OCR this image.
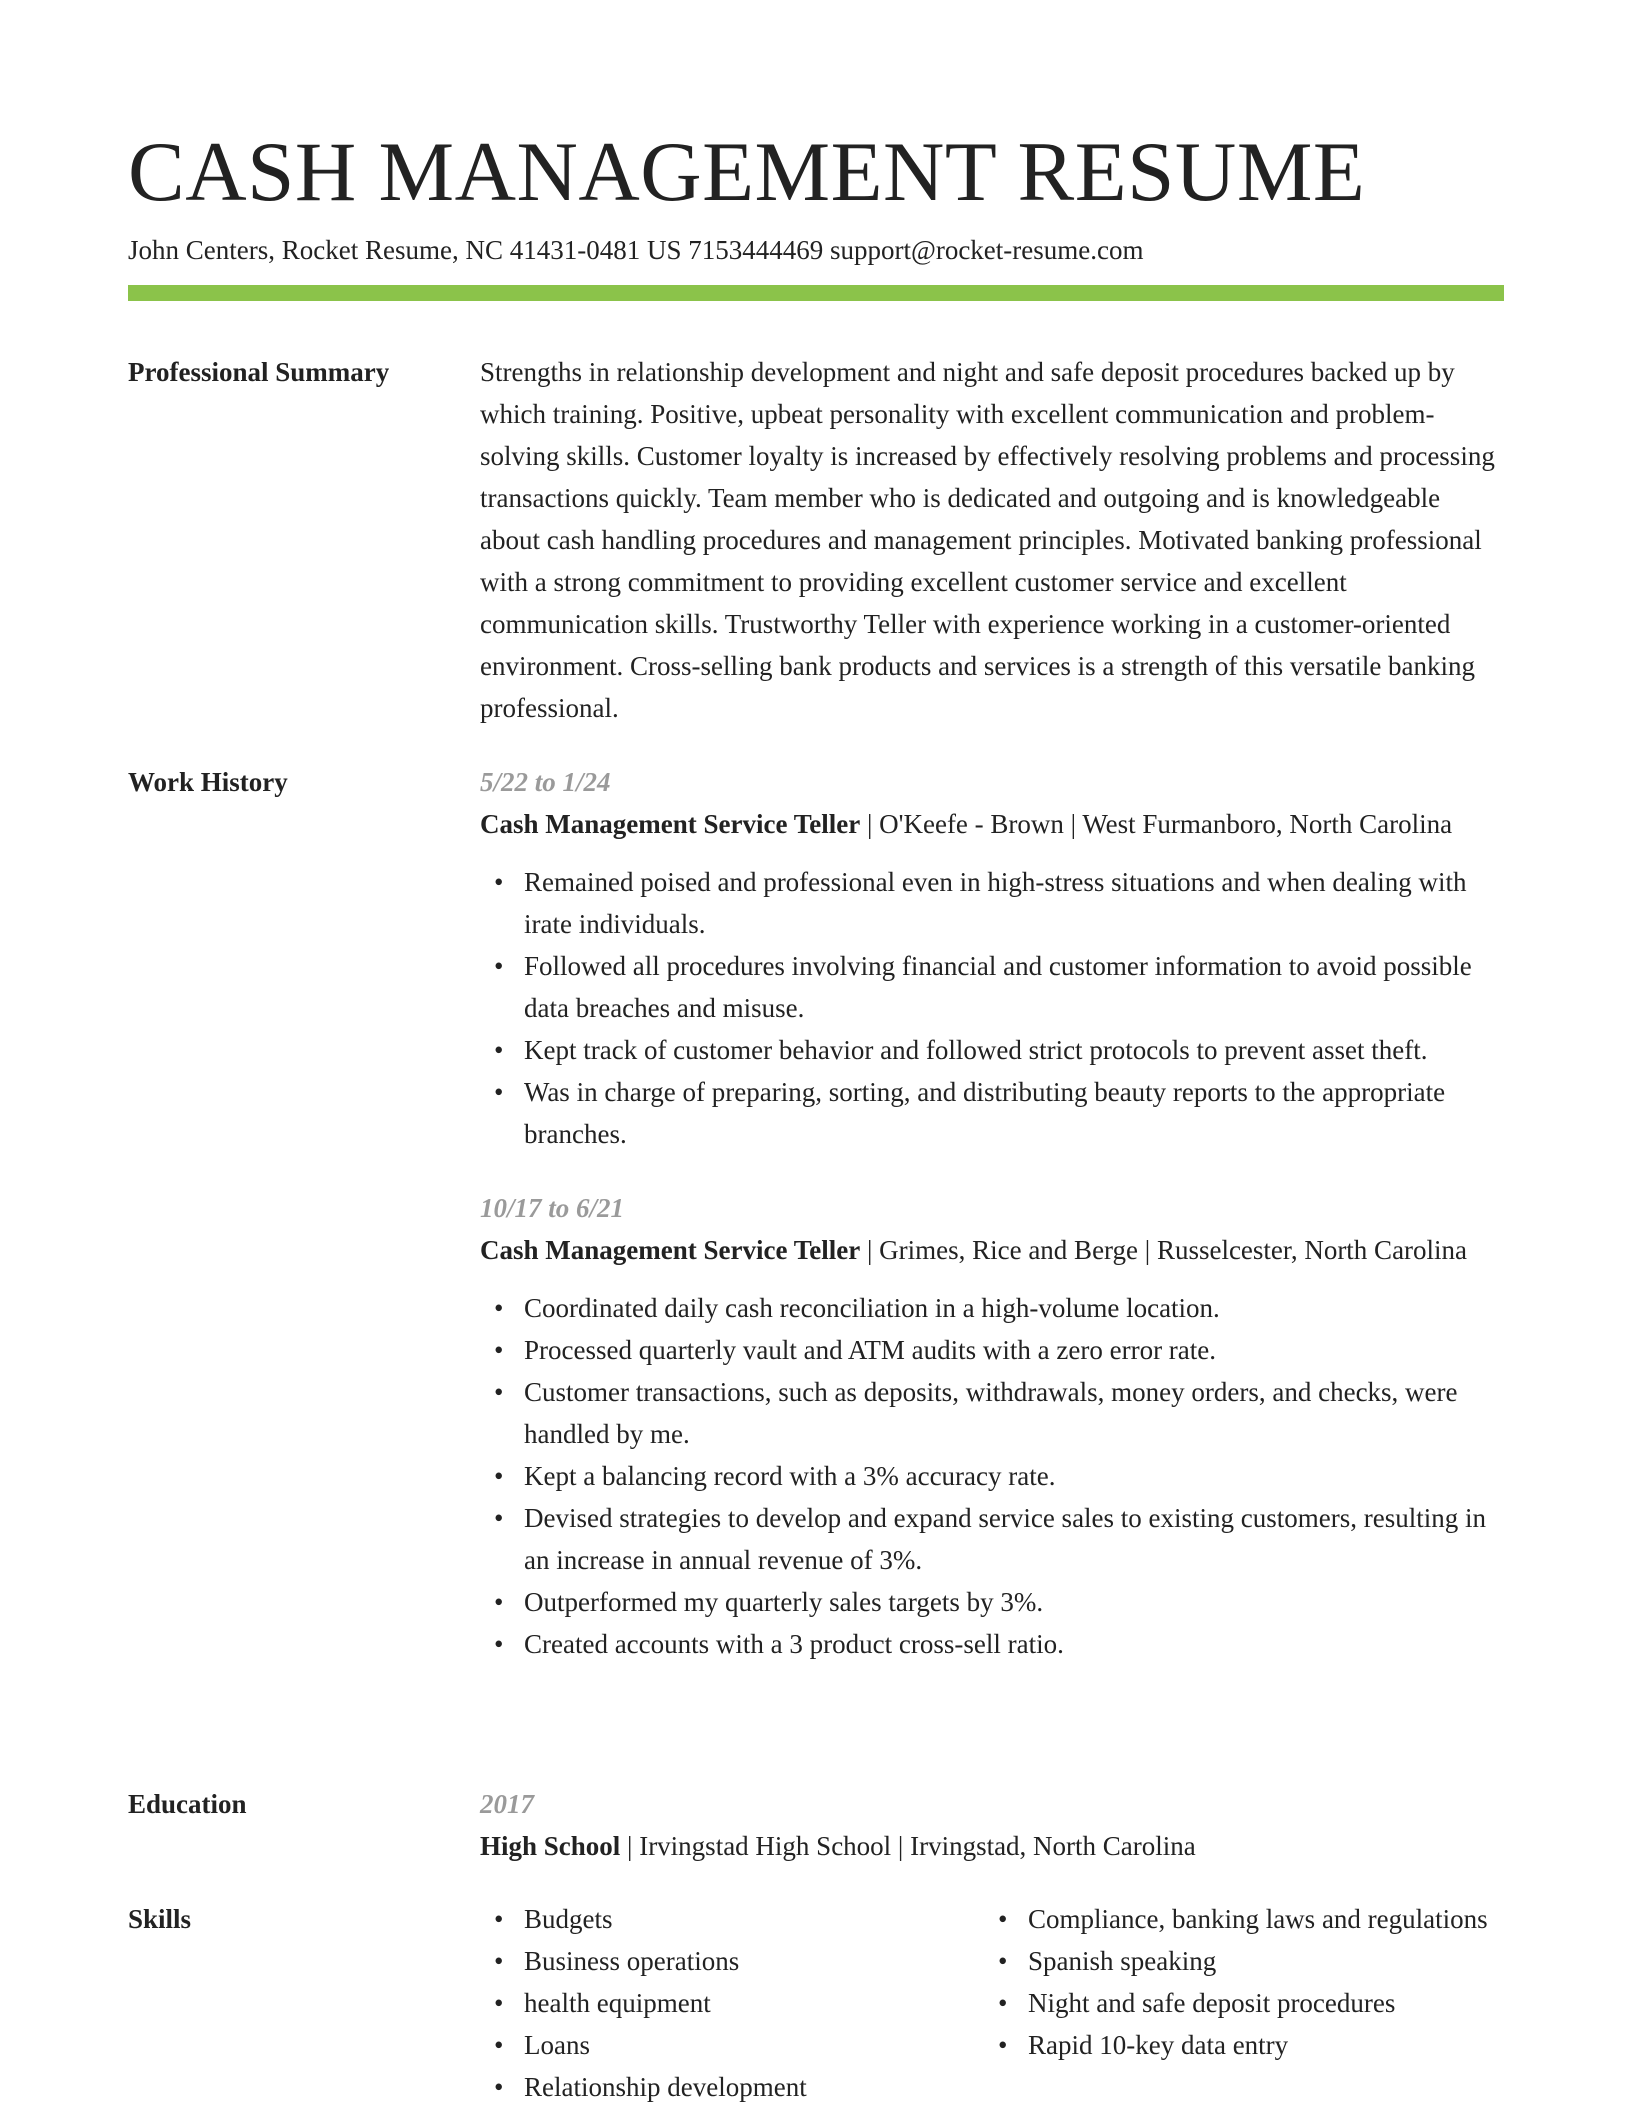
CASH MANAGEMENT RESUME
John Centers, Rocket Resume, NC 41431-0481 US 7153444469 support@rocket-resume.com
Professional Summary	Strengths in relationship development and night and safe deposit procedures backed up by which training. Positive, upbeat personality with excellent communication and problem-solving skills. Customer loyalty is increased by effectively resolving problems and processing transactions quickly. Team member who is dedicated and outgoing and is knowledgeable about cash handling procedures and management principles. Motivated banking professional with a strong commitment to providing excellent customer service and excellent communication skills. Trustworthy Teller with experience working in a customer-oriented environment. Cross-selling bank products and services is a strength of this versatile banking professional.

Work History	5/22 to 1/24
Cash Management Service Teller | O'Keefe - Brown | West Furmanboro, North Carolina
• Remained poised and professional even in high-stress situations and when dealing with irate individuals.
• Followed all procedures involving financial and customer information to avoid possible data breaches and misuse.
• Kept track of customer behavior and followed strict protocols to prevent asset theft.
• Was in charge of preparing, sorting, and distributing beauty reports to the appropriate branches.
10/17 to 6/21
Cash Management Service Teller | Grimes, Rice and Berge | Russelcester, North Carolina
• Coordinated daily cash reconciliation in a high-volume location.
• Processed quarterly vault and ATM audits with a zero error rate.
• Customer transactions, such as deposits, withdrawals, money orders, and checks, were handled by me.
• Kept a balancing record with a 3% accuracy rate.
• Devised strategies to develop and expand service sales to existing customers, resulting in an increase in annual revenue of 3%.
• Outperformed my quarterly sales targets by 3%.
• Created accounts with a 3 product cross-sell ratio.
Education	2017
High School | Irvingstad High School | Irvingstad, North Carolina
Skills
•	Budgets
• Business operations
• health equipment
• Loans
• Relationship development
• Compliance, banking laws and regulations
• Spanish speaking
• Night and safe deposit procedures
• Rapid 10-key data entry
